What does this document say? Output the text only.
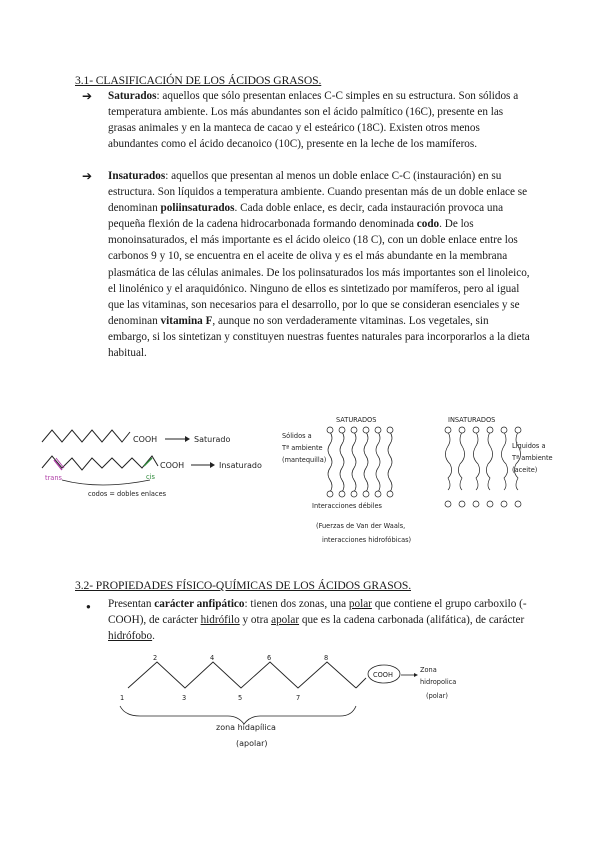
3.1- CLASIFICACIÓN DE LOS ÁCIDOS GRASOS.
➔ Saturados: aquellos que sólo presentan enlaces C-C simples en su estructura. Son sólidos a temperatura ambiente. Los más abundantes son el ácido palmítico (16C), presente en las grasas animales y en la manteca de cacao y el esteárico (18C). Existen otros menos abundantes como el ácido decanoico (10C), presente en la leche de los mamíferos.
➔ Insaturados: aquellos que presentan al menos un doble enlace C-C (instauración) en su estructura. Son líquidos a temperatura ambiente. Cuando presentan más de un doble enlace se denominan poliinsaturados. Cada doble enlace, es decir, cada instauración provoca una pequeña flexión de la cadena hidrocarbonada formando denominada codo. De los monoinsaturados, el más importante es el ácido oleico (18 C), con un doble enlace entre los carbonos 9 y 10, se encuentra en el aceite de oliva y es el más abundante en la membrana plasmática de las células animales. De los polinsaturados los más importantes son el linoleico, el linolénico y el araquidónico. Ninguno de ellos es sintetizado por mamíferos, pero al igual que las vitaminas, son necesarios para el desarrollo, por lo que se consideran esenciales y se denominan vitamina F, aunque no son verdaderamente vitaminas. Los vegetales, sin embargo, si los sintetizan y constituyen nuestras fuentes naturales para incorporarlos a la dieta habitual.
COOH	Saturado
COOH	Insaturado
trans	cis
codos = dobles enlaces
SATURADOS
Sólidos a
Tª ambiente
(mantequilla)
INSATURADOS
Líquidos a
Tª ambiente
(aceite)
Interacciones débiles
(Fuerzas de Van der Waals,
interacciones hidrofóbicas)
3.2- PROPIEDADES FÍSICO-QUÍMICAS DE LOS ÁCIDOS GRASOS.
● Presentan carácter anfipático: tienen dos zonas, una polar que contiene el grupo carboxilo (-COOH), de carácter hidrófilo y otra apolar que es la cadena carbonada (alifática), de carácter hidrófobo.
2	4	6	8
1	3	5	7
COOH
Zona
hidropolica
(polar)
zona hidapílica
(apolar)
